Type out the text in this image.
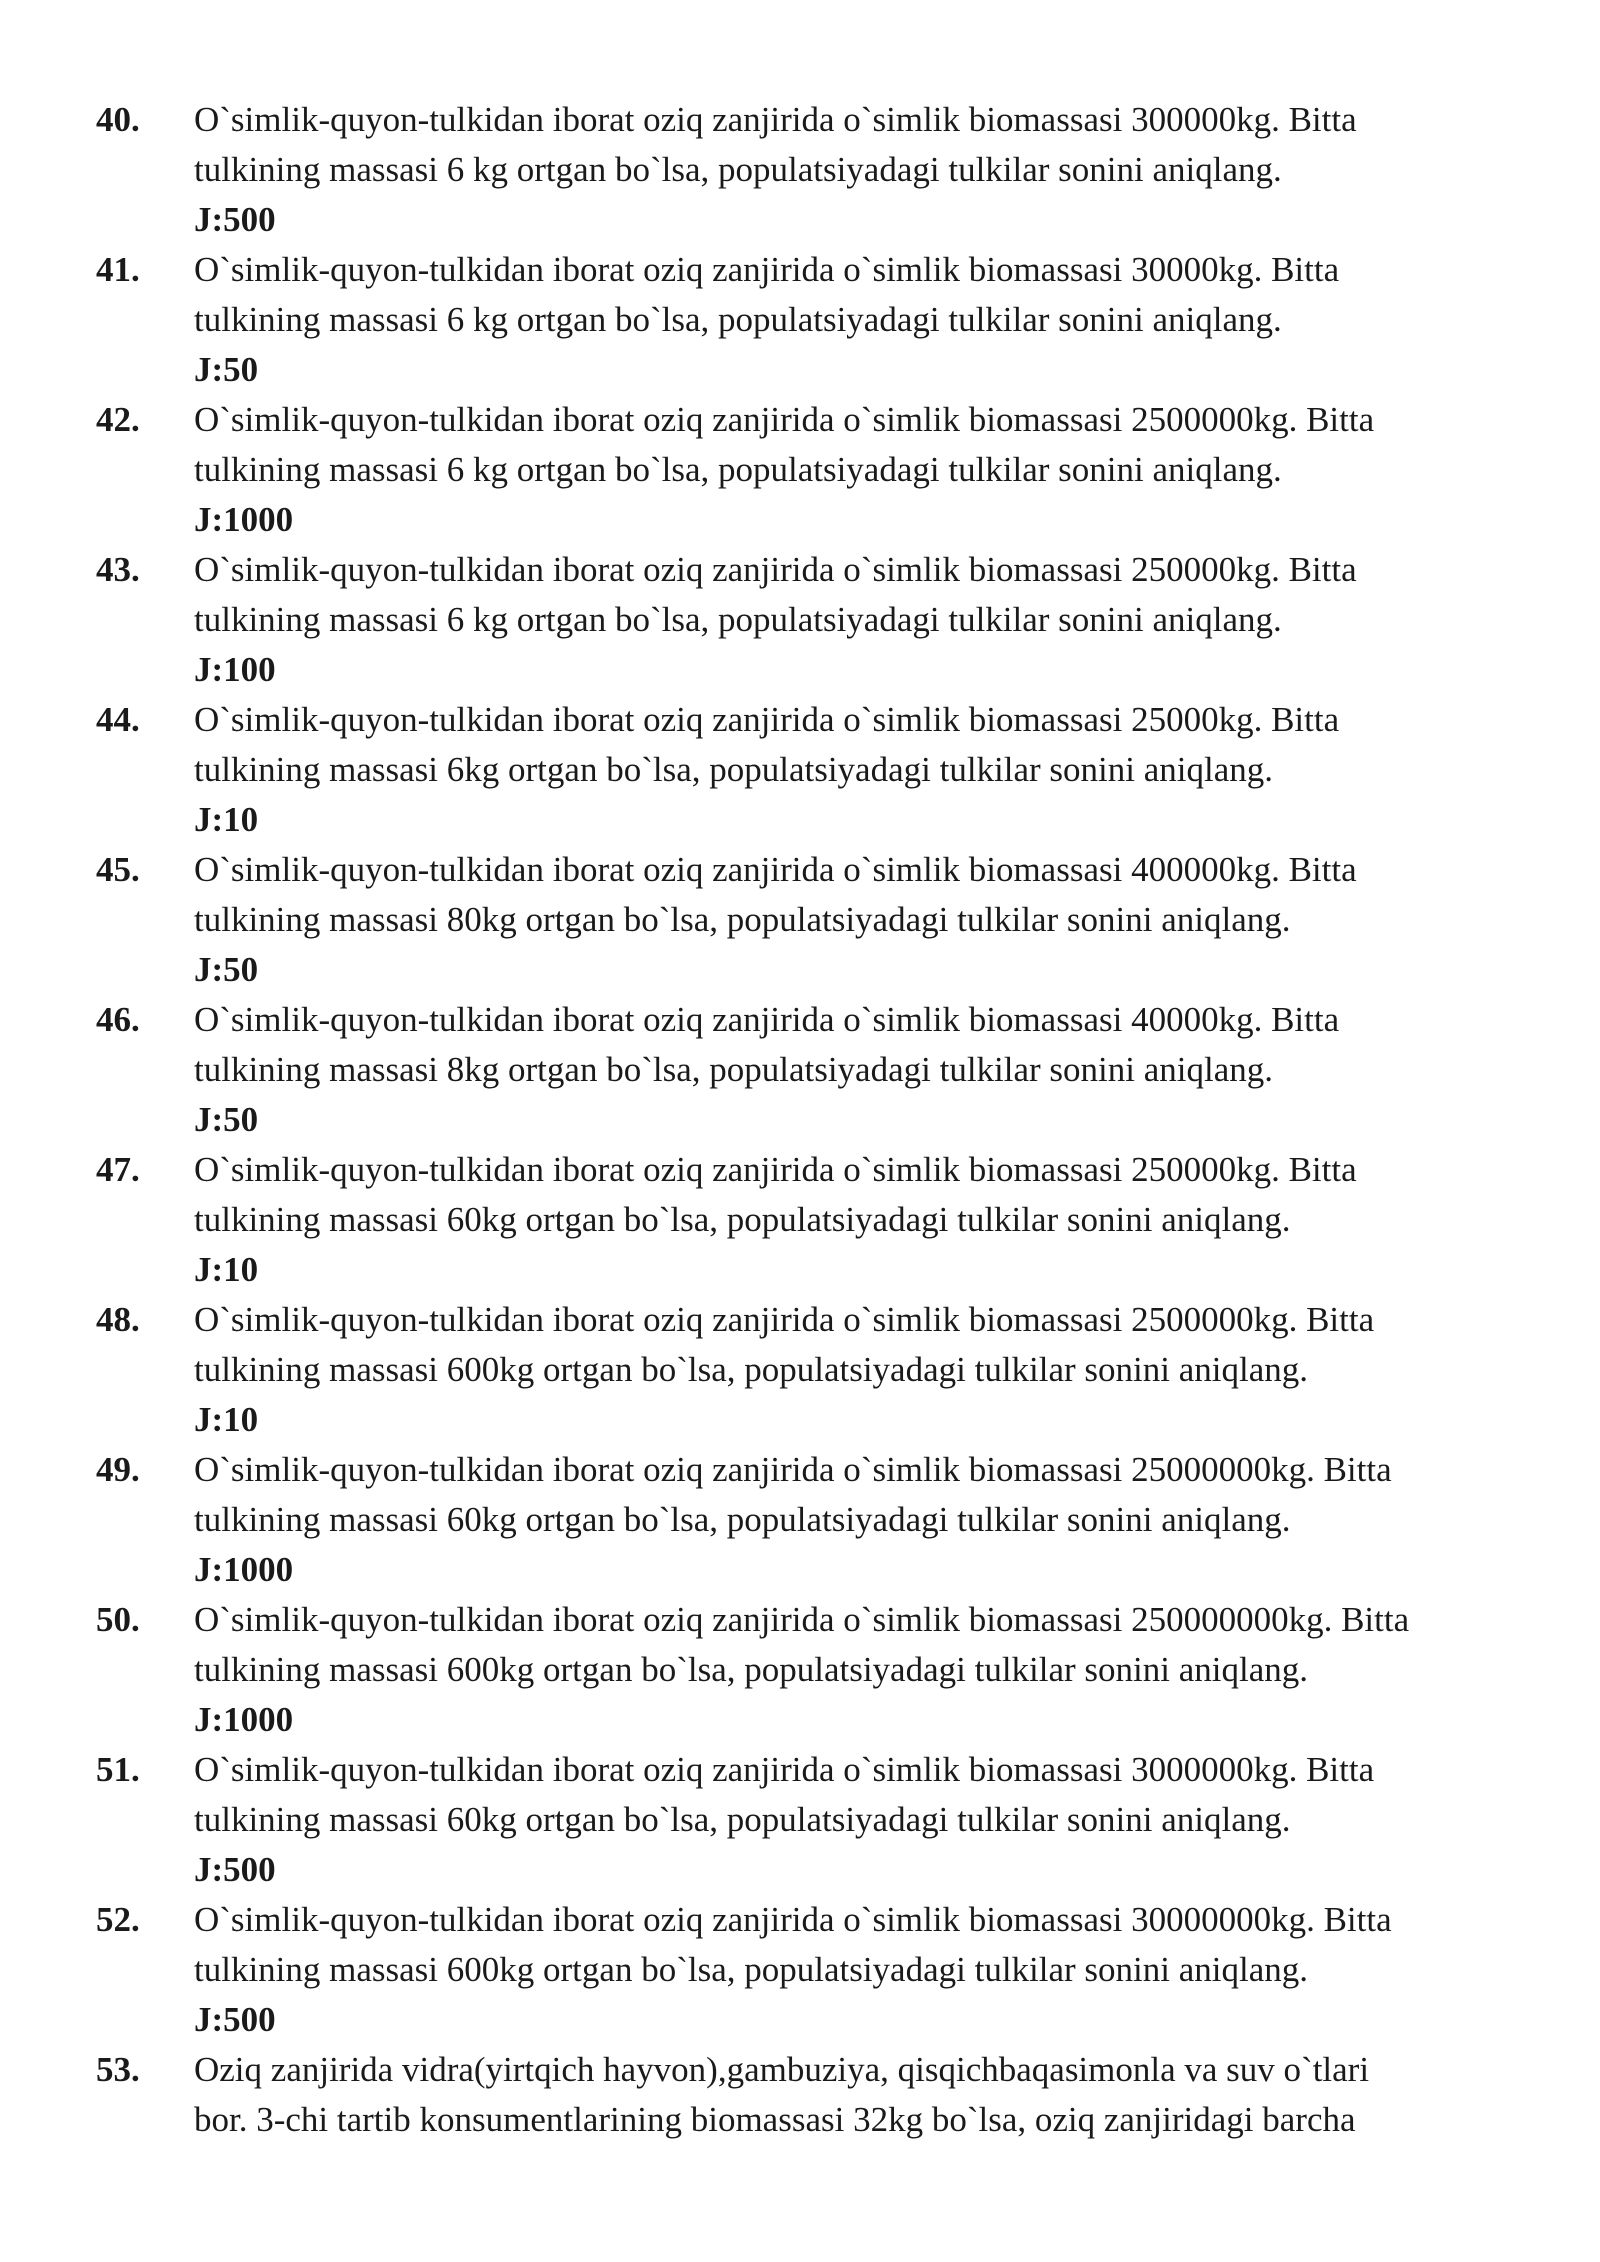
40. O`simlik-quyon-tulkidan iborat oziq zanjirida o`simlik biomassasi 300000kg. Bitta
tulkining massasi 6 kg ortgan bo`lsa, populatsiyadagi tulkilar sonini aniqlang.
J:500
41. O`simlik-quyon-tulkidan iborat oziq zanjirida o`simlik biomassasi 30000kg. Bitta
tulkining massasi 6 kg ortgan bo`lsa, populatsiyadagi tulkilar sonini aniqlang.
J:50
42. O`simlik-quyon-tulkidan iborat oziq zanjirida o`simlik biomassasi 2500000kg. Bitta
tulkining massasi 6 kg ortgan bo`lsa, populatsiyadagi tulkilar sonini aniqlang.
J:1000
43. O`simlik-quyon-tulkidan iborat oziq zanjirida o`simlik biomassasi 250000kg. Bitta
tulkining massasi 6 kg ortgan bo`lsa, populatsiyadagi tulkilar sonini aniqlang.
J:100
44. O`simlik-quyon-tulkidan iborat oziq zanjirida o`simlik biomassasi 25000kg. Bitta
tulkining massasi 6kg ortgan bo`lsa, populatsiyadagi tulkilar sonini aniqlang.
J:10
45. O`simlik-quyon-tulkidan iborat oziq zanjirida o`simlik biomassasi 400000kg. Bitta
tulkining massasi 80kg ortgan bo`lsa, populatsiyadagi tulkilar sonini aniqlang.
J:50
46. O`simlik-quyon-tulkidan iborat oziq zanjirida o`simlik biomassasi 40000kg. Bitta
tulkining massasi 8kg ortgan bo`lsa, populatsiyadagi tulkilar sonini aniqlang.
J:50
47. O`simlik-quyon-tulkidan iborat oziq zanjirida o`simlik biomassasi 250000kg. Bitta
tulkining massasi 60kg ortgan bo`lsa, populatsiyadagi tulkilar sonini aniqlang.
J:10
48. O`simlik-quyon-tulkidan iborat oziq zanjirida o`simlik biomassasi 2500000kg. Bitta
tulkining massasi 600kg ortgan bo`lsa, populatsiyadagi tulkilar sonini aniqlang.
J:10
49. O`simlik-quyon-tulkidan iborat oziq zanjirida o`simlik biomassasi 25000000kg. Bitta
tulkining massasi 60kg ortgan bo`lsa, populatsiyadagi tulkilar sonini aniqlang.
J:1000
50. O`simlik-quyon-tulkidan iborat oziq zanjirida o`simlik biomassasi 250000000kg. Bitta
tulkining massasi 600kg ortgan bo`lsa, populatsiyadagi tulkilar sonini aniqlang.
J:1000
51. O`simlik-quyon-tulkidan iborat oziq zanjirida o`simlik biomassasi 3000000kg. Bitta
tulkining massasi 60kg ortgan bo`lsa, populatsiyadagi tulkilar sonini aniqlang.
J:500
52. O`simlik-quyon-tulkidan iborat oziq zanjirida o`simlik biomassasi 30000000kg. Bitta
tulkining massasi 600kg ortgan bo`lsa, populatsiyadagi tulkilar sonini aniqlang.
J:500
53. Oziq zanjirida vidra(yirtqich hayvon),gambuziya, qisqichbaqasimonla va suv o`tlari
bor. 3-chi tartib konsumentlarining biomassasi 32kg bo`lsa, oziq zanjiridagi barcha
